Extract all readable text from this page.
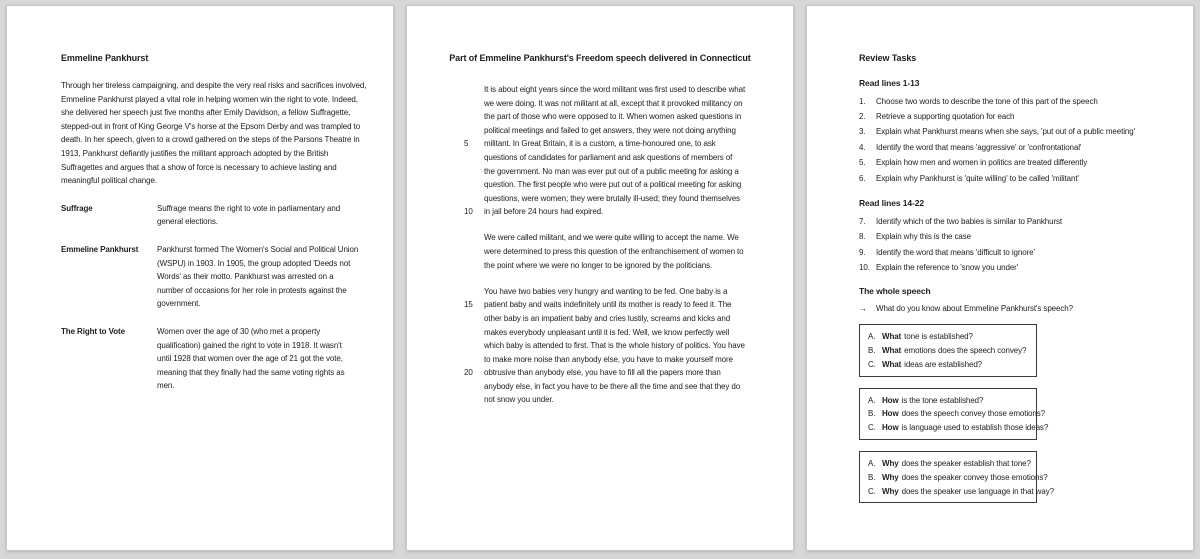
Emmeline Pankhurst
Through her tireless campaigning, and despite the very real risks and sacrifices involved,
Emmeline Pankhurst played a vital role in helping women win the right to vote. Indeed,
she delivered her speech just five months after Emily Davidson, a fellow Suffragette,
stepped-out in front of King George V's horse at the Epsom Derby and was trampled to
death. In her speech, given to a crowd gathered on the steps of the Parsons Theatre in
1913, Pankhurst defiantly justifies the militant approach adopted by the British
Suffragettes and argues that a show of force is necessary to achieve lasting and
meaningful political change.
Suffrage	Suffrage means the right to vote in parliamentary and
general elections.
Emmeline Pankhurst	Pankhurst formed The Women's Social and Political Union
(WSPU) in 1903. In 1905, the group adopted 'Deeds not
Words' as their motto. Pankhurst was arrested on a
number of occasions for her role in protests against the
government.
The Right to Vote	Women over the age of 30 (who met a property
qualification) gained the right to vote in 1918. It wasn't
until 1928 that women over the age of 21 got the vote,
meaning that they finally had the same voting rights as
men.
Part of Emmeline Pankhurst's Freedom speech delivered in Connecticut
It is about eight years since the word militant was first used to describe what
we were doing. It was not militant at all, except that it provoked militancy on
the part of those who were opposed to it. When women asked questions in
political meetings and failed to get answers, they were not doing anything
5	militant. In Great Britain, it is a custom, a time-honoured one, to ask
questions of candidates for parliament and ask questions of members of
the government. No man was ever put out of a public meeting for asking a
question. The first people who were put out of a political meeting for asking
questions, were women; they were brutally ill-used; they found themselves
10	in jail before 24 hours had expired.
We were called militant, and we were quite willing to accept the name. We
were determined to press this question of the enfranchisement of women to
the point where we were no longer to be ignored by the politicians.
You have two babies very hungry and wanting to be fed. One baby is a
15	patient baby and waits indefinitely until its mother is ready to feed it. The
other baby is an impatient baby and cries lustily, screams and kicks and
makes everybody unpleasant until it is fed. Well, we know perfectly well
which baby is attended to first. That is the whole history of politics. You have
to make more noise than anybody else, you have to make yourself more
20	obtrusive than anybody else, you have to fill all the papers more than
anybody else, in fact you have to be there all the time and see that they do
not snow you under.
Review Tasks
Read lines 1-13
1.	Choose two words to describe the tone of this part of the speech
2.	Retrieve a supporting quotation for each
3.	Explain what Pankhurst means when she says, 'put out of a public meeting'
4.	Identify the word that means 'aggressive' or 'confrontational'
5.	Explain how men and women in politics are treated differently
6.	Explain why Pankhurst is 'quite willing' to be called 'militant'
Read lines 14-22
7.	Identify which of the two babies is similar to Pankhurst
8.	Explain why this is the case
9.	Identify the word that means 'difficult to ignore'
10. Explain the reference to 'snow you under'
The whole speech
→	What do you know about Emmeline Pankhurst's speech?
A. What tone is established?
B. What emotions does the speech convey?
C. What ideas are established?
A. How is the tone established?
B. How does the speech convey those emotions?
C. How is language used to establish those ideas?
A. Why does the speaker establish that tone?
B. Why does the speaker convey those emotions?
C. Why does the speaker use language in that way?
